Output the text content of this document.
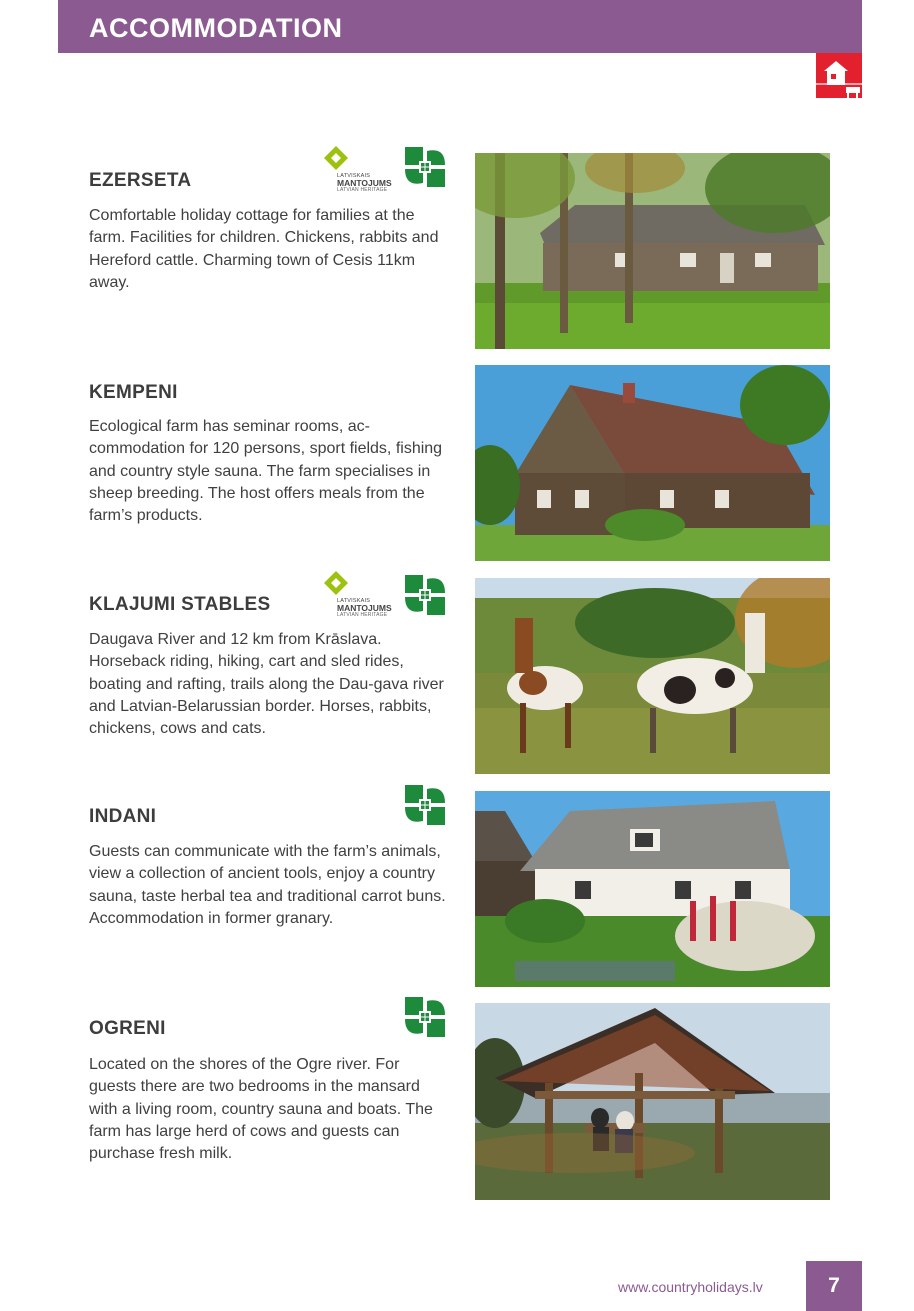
ACCOMMODATION
EZERSETA	LATVISKAIS
MANTOJUMS
LATVIAN HERITAGE
Comfortable holiday cottage for families at the farm. Facilities for children. Chickens, rabbits and Hereford cattle. Charming town of Cesis 11km away.
KEMPENI
Ecological farm has seminar rooms, ac-commodation for 120 persons, sport fields, fishing and country style sauna. The farm specialises in sheep breeding. The host offers meals from the farm’s products.
KLAJUMI STABLES	LATVISKAIS
MANTOJUMS
LATVIAN HERITAGE
Daugava River and 12 km from Krāslava. Horseback riding, hiking, cart and sled rides, boating and rafting, trails along the Dau-gava river and Latvian-Belarussian border. Horses, rabbits, chickens, cows and cats.
INDANI
Guests can communicate with the farm’s animals, view a collection of ancient tools, enjoy a country sauna, taste herbal tea and traditional carrot buns. Accommodation in former granary.
OGRENI
Located on the shores of the Ogre river. For guests there are two bedrooms in the mansard with a living room, country sauna and boats. The farm has large herd of cows and guests can purchase fresh milk.
www.countryholidays.lv	7
